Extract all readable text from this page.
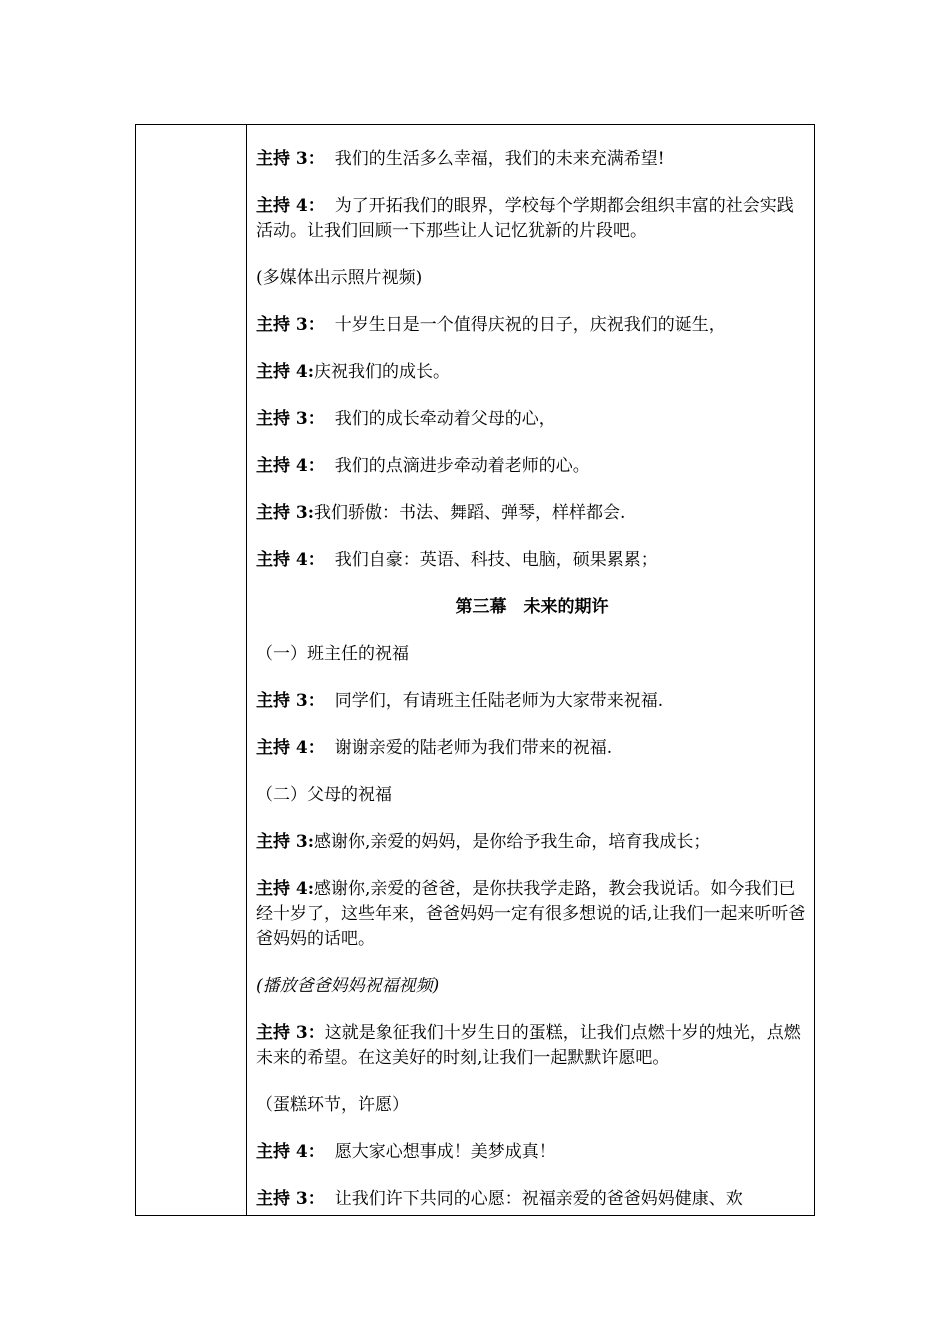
主持 3： 我们的生活多么幸福，我们的未来充满希望!

主持 4： 为了开拓我们的眼界，学校每个学期都会组织丰富的社会实践活动。让我们回顾一下那些让人记忆犹新的片段吧。

(多媒体出示照片视频)

主持 3： 十岁生日是一个值得庆祝的日子，庆祝我们的诞生，

主持 4:庆祝我们的成长。

主持 3： 我们的成长牵动着父母的心，

主持 4： 我们的点滴进步牵动着老师的心。

主持 3:我们骄傲：书法、舞蹈、弹琴，样样都会.

主持 4： 我们自豪：英语、科技、电脑，硕果累累；

第三幕　未来的期许

（一）班主任的祝福

主持 3： 同学们，有请班主任陆老师为大家带来祝福.

主持 4： 谢谢亲爱的陆老师为我们带来的祝福.

（二）父母的祝福

主持 3:感谢你,亲爱的妈妈，是你给予我生命，培育我成长；

主持 4:感谢你,亲爱的爸爸，是你扶我学走路，教会我说话。如今我们已经十岁了，这些年来，爸爸妈妈一定有很多想说的话,让我们一起来听听爸爸妈妈的话吧。

(播放爸爸妈妈祝福视频)

主持 3：这就是象征我们十岁生日的蛋糕，让我们点燃十岁的烛光，点燃未来的希望。在这美好的时刻,让我们一起默默许愿吧。

（蛋糕环节，许愿）

主持 4： 愿大家心想事成！美梦成真！

主持 3： 让我们许下共同的心愿：祝福亲爱的爸爸妈妈健康、欢
